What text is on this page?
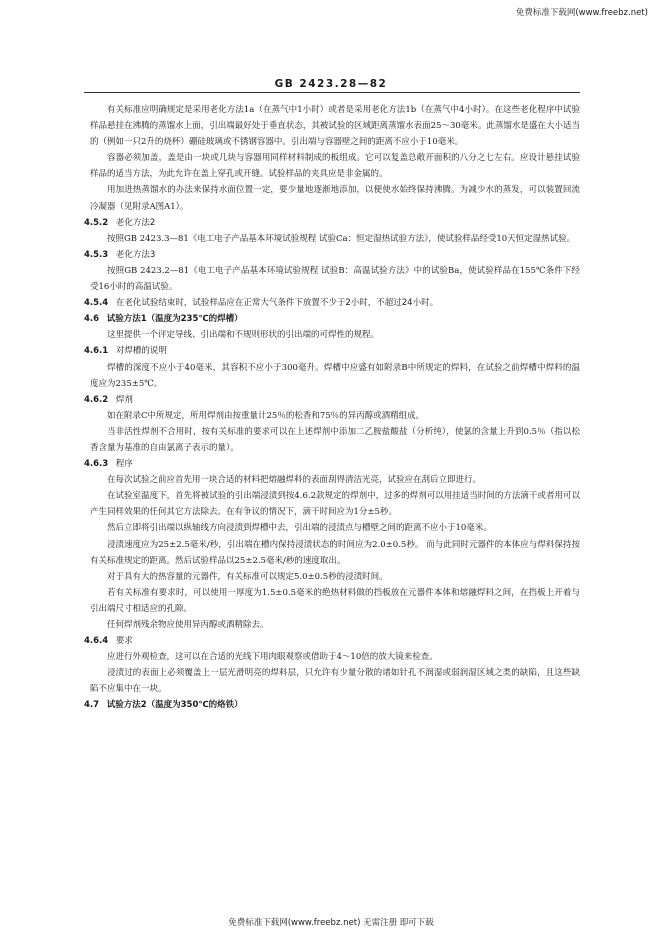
免费标准下载网(www.freebz.net)
GB 2423.28—82

有关标准应明确规定是采用老化方法1a（在蒸气中1小时）或者是采用老化方法1b（在蒸气中4小时）。在这些老化程序中试验样品悬挂在沸腾的蒸馏水上面，引出端最好处于垂直状态，其被试验的区域距离蒸馏水表面25～30毫米。此蒸馏水是盛在大小适当的（例如一只2升的烧杯）硼硅玻璃或不锈钢容器中。引出端与容器壁之间的距离不应小于10毫米。

容器必须加盖，盖是由一块或几块与容器用同样材料制成的板组成。它可以复盖总敞开面积的八分之七左右。应设计悬挂试验样品的适当方法，为此允许在盖上穿孔或开缝。试验样品的夹具应是非金属的。

用加进热蒸馏水的办法来保持水面位置一定，要少量地逐渐地添加，以便使水始终保持沸腾。为减少水的蒸发，可以装置回流冷凝器（见附录A图A1）。

4.5.2 老化方法2

按照GB 2423.3—81《电工电子产品基本环境试验规程 试验Ca：恒定湿热试验方法》，使试验样品经受10天恒定湿热试验。

4.5.3 老化方法3

按照GB 2423.2—81《电工电子产品基本环境试验规程 试验B：高温试验方法》中的试验Ba，使试验样品在155℃条件下经受16小时的高温试验。

4.5.4 在老化试验结束时，试验样品应在正常大气条件下放置不少于2小时，不超过24小时。

4.6 试验方法1（温度为235℃的焊槽）

这里提供一个评定导线、引出端和不规则形状的引出端的可焊性的规程。

4.6.1 对焊槽的说明

焊槽的深度不应小于40毫米，其容积不应小于300毫升。焊槽中应盛有如附录B中所规定的焊料，在试验之前焊槽中焊料的温度应为235±5℃。

4.6.2 焊剂

如在附录C中所规定，所用焊剂由按重量计25％的松香和75％的异丙醇或酒精组成。

当非活性焊剂不合用时，按有关标准的要求可以在上述焊剂中添加二乙胺盐酸盐（分析纯），使氯的含量上升到0.5％（指以松香含量为基准的自由氯离子表示的量）。

4.6.3 程序

在每次试验之前应首先用一块合适的材料把熔融焊料的表面刮得清洁光亮，试验应在刮后立即进行。

在试验室温度下，首先将被试验的引出端浸渍到按4.6.2款规定的焊剂中，过多的焊剂可以用挂适当时间的方法滴干或者用可以产生同样效果的任何其它方法除去。在有争议的情况下，滴干时间应为1分±5秒。

然后立即将引出端以纵轴线方向浸渍到焊槽中去，引出端的浸渍点与槽壁之间的距离不应小于10毫米。

浸渍速度应为25±2.5毫米/秒，引出端在槽内保持浸渍状态的时间应为2.0±0.5秒。 而与此同时元器件的本体应与焊料保持按有关标准规定的距离。然后试验样品以25±2.5毫米/秒的速度取出。

对于具有大的热容量的元器件，有关标准可以规定5.0±0.5秒的浸渍时间。

若有关标准有要求时，可以使用一厚度为1.5±0.5毫米的绝热材料做的挡板放在元器件本体和熔融焊料之间，在挡板上开着与引出端尺寸相适应的孔隙。

任何焊剂残余物应使用异丙醇或酒精除去。

4.6.4 要求

应进行外观检查，这可以在合适的光线下用肉眼观察或借助于4～10倍的放大镜来检查。

浸渍过的表面上必须覆盖上一层光滑明亮的焊料层，只允许有少量分散的诸如针孔不润湿或弱润湿区域之类的缺陷，且这些缺陷不应集中在一块。

4.7 试验方法2（温度为350℃的烙铁）

免费标准下载网(www.freebz.net) 无需注册 即可下载
